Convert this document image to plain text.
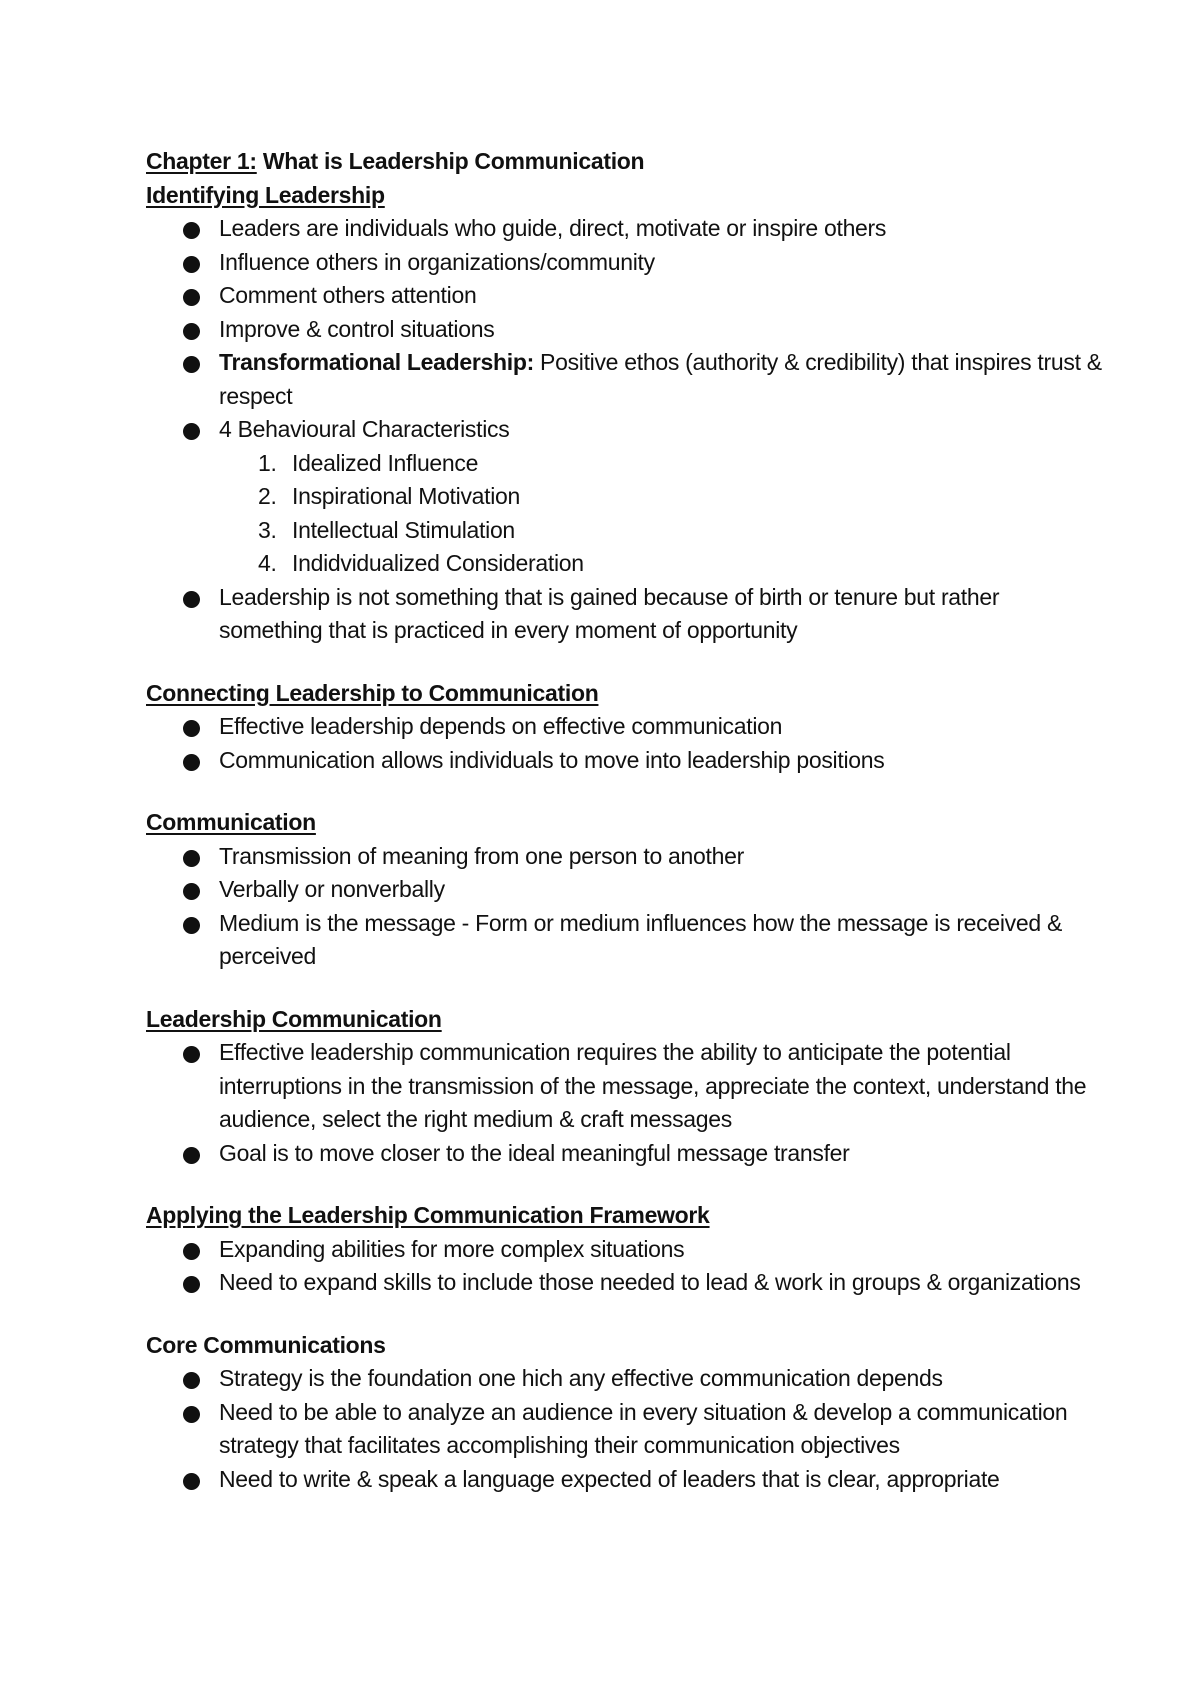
Chapter 1: What is Leadership Communication

Identifying Leadership

Leaders are individuals who guide, direct, motivate or inspire others
Influence others in organizations/community
Comment others attention
Improve & control situations
Transformational Leadership: Positive ethos (authority & credibility) that inspires trust & respect
4 Behavioural Characteristics
1. Idealized Influence
2. Inspirational Motivation
3. Intellectual Stimulation
4. Indidvidualized Consideration
Leadership is not something that is gained because of birth or tenure but rather something that is practiced in every moment of opportunity

Connecting Leadership to Communication

Effective leadership depends on effective communication
Communication allows individuals to move into leadership positions

Communication

Transmission of meaning from one person to another
Verbally or nonverbally
Medium is the message - Form or medium influences how the message is received & perceived

Leadership Communication

Effective leadership communication requires the ability to anticipate the potential interruptions in the transmission of the message, appreciate the context, understand the audience, select the right medium & craft messages
Goal is to move closer to the ideal meaningful message transfer

Applying the Leadership Communication Framework

Expanding abilities for more complex situations
Need to expand skills to include those needed to lead & work in groups & organizations

Core Communications

Strategy is the foundation one hich any effective communication depends
Need to be able to analyze an audience in every situation & develop a communication strategy that facilitates accomplishing their communication objectives
Need to write & speak a language expected of leaders that is clear, appropriate
